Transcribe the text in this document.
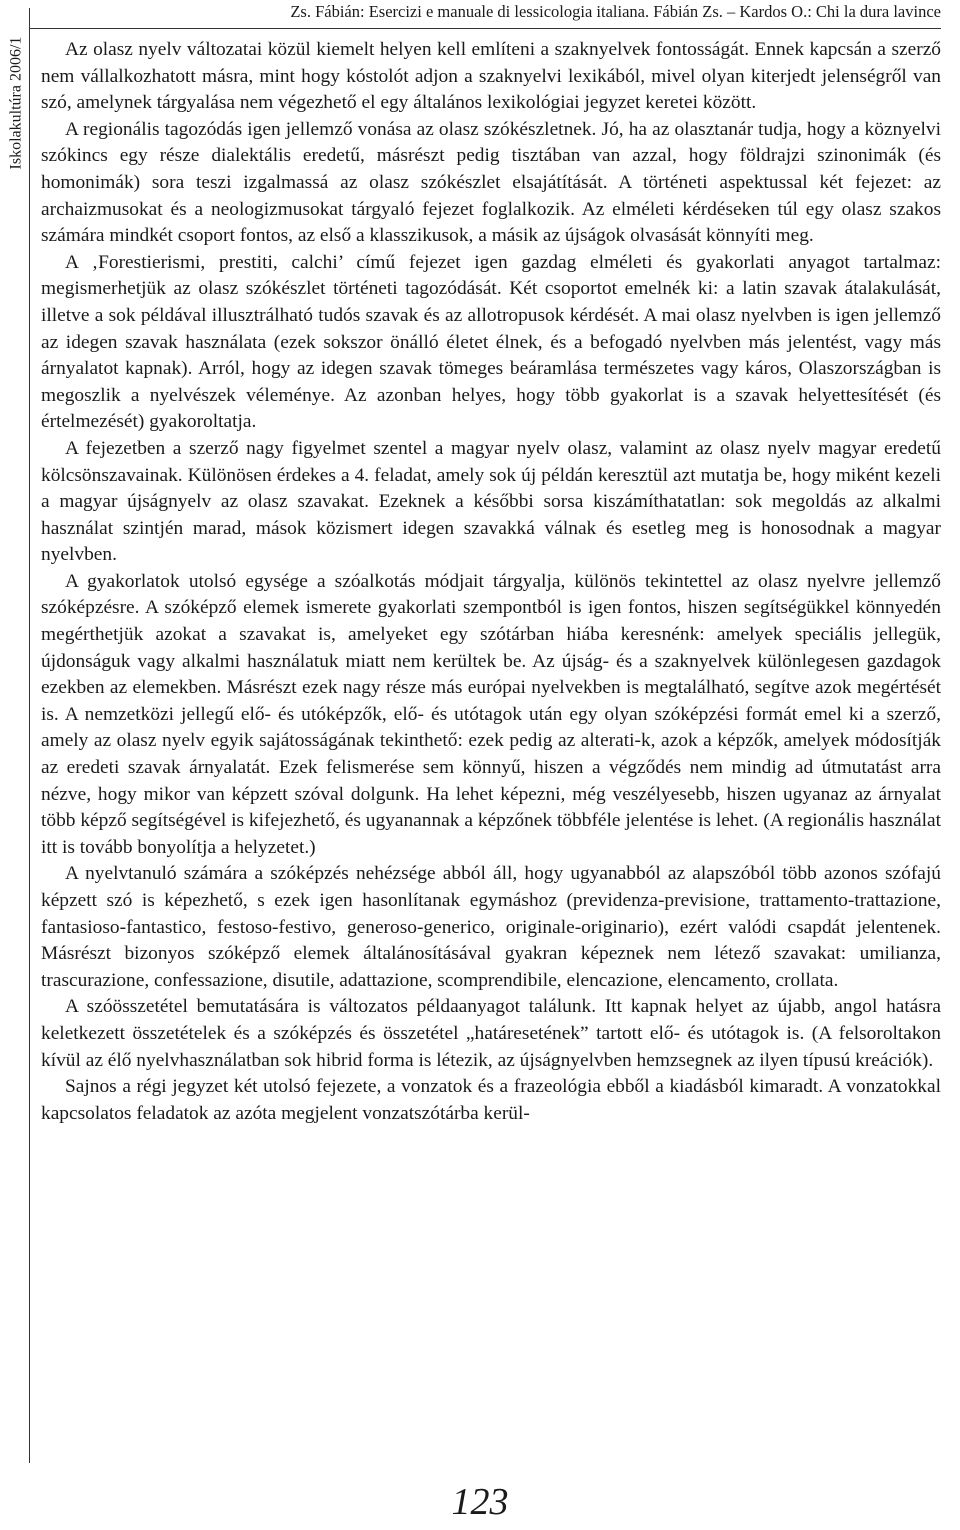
Iskolakultúra 2006/1
Zs. Fábián: Esercizi e manuale di lessicologia italiana. Fábián Zs. – Kardos O.: Chi la dura lavince

Az olasz nyelv változatai közül kiemelt helyen kell említeni a szaknyelvek fontosságát. Ennek kapcsán a szerző nem vállalkozhatott másra, mint hogy kóstolót adjon a szaknyelvi lexikából, mivel olyan kiterjedt jelenségről van szó, amelynek tárgyalása nem végezhető el egy általános lexikológiai jegyzet keretei között.

A regionális tagozódás igen jellemző vonása az olasz szókészletnek. Jó, ha az olasztanár tudja, hogy a köznyelvi szókincs egy része dialektális eredetű, másrészt pedig tisztában van azzal, hogy földrajzi szinonimák (és homonimák) sora teszi izgalmassá az olasz szókészlet elsajátítását. A történeti aspektussal két fejezet: az archaizmusokat és a neologizmusokat tárgyaló fejezet foglalkozik. Az elméleti kérdéseken túl egy olasz szakos számára mindkét csoport fontos, az első a klasszikusok, a másik az újságok olvasását könnyíti meg.

A ‚Forestierismi, prestiti, calchi’ című fejezet igen gazdag elméleti és gyakorlati anyagot tartalmaz: megismerhetjük az olasz szókészlet történeti tagozódását. Két csoportot emelnék ki: a latin szavak átalakulását, illetve a sok példával illusztrálható tudós szavak és az allotropusok kérdését. A mai olasz nyelvben is igen jellemző az idegen szavak használata (ezek sokszor önálló életet élnek, és a befogadó nyelvben más jelentést, vagy más árnyalatot kapnak). Arról, hogy az idegen szavak tömeges beáramlása természetes vagy káros, Olaszországban is megoszlik a nyelvészek véleménye. Az azonban helyes, hogy több gyakorlat is a szavak helyettesítését (és értelmezését) gyakoroltatja.

A fejezetben a szerző nagy figyelmet szentel a magyar nyelv olasz, valamint az olasz nyelv magyar eredetű kölcsönszavainak. Különösen érdekes a 4. feladat, amely sok új példán keresztül azt mutatja be, hogy miként kezeli a magyar újságnyelv az olasz szavakat. Ezeknek a későbbi sorsa kiszámíthatatlan: sok megoldás az alkalmi használat szintjén marad, mások közismert idegen szavakká válnak és esetleg meg is honosodnak a magyar nyelvben.

A gyakorlatok utolsó egysége a szóalkotás módjait tárgyalja, különös tekintettel az olasz nyelvre jellemző szóképzésre. A szóképző elemek ismerete gyakorlati szempontból is igen fontos, hiszen segítségükkel könnyedén megérthetjük azokat a szavakat is, amelyeket egy szótárban hiába keresnénk: amelyek speciális jellegük, újdonságuk vagy alkalmi használatuk miatt nem kerültek be. Az újság- és a szaknyelvek különlegesen gazdagok ezekben az elemekben. Másrészt ezek nagy része más európai nyelvekben is megtalálható, segítve azok megértését is. A nemzetközi jellegű elő- és utóképzők, elő- és utótagok után egy olyan szóképzési formát emel ki a szerző, amely az olasz nyelv egyik sajátosságának tekinthető: ezek pedig az alterati-k, azok a képzők, amelyek módosítják az eredeti szavak árnyalatát. Ezek felismerése sem könnyű, hiszen a végződés nem mindig ad útmutatást arra nézve, hogy mikor van képzett szóval dolgunk. Ha lehet képezni, még veszélyesebb, hiszen ugyanaz az árnyalat több képző segítségével is kifejezhető, és ugyanannak a képzőnek többféle jelentése is lehet. (A regionális használat itt is tovább bonyolítja a helyzetet.)

A nyelvtanuló számára a szóképzés nehézsége abból áll, hogy ugyanabból az alapszóból több azonos szófajú képzett szó is képezhető, s ezek igen hasonlítanak egymáshoz (previdenza-previsione, trattamento-trattazione, fantasioso-fantastico, festoso-festivo, generoso-generico, originale-originario), ezért valódi csapdát jelentenek. Másrészt bizonyos szóképző elemek általánosításával gyakran képeznek nem létező szavakat: umilianza, trascurazione, confessazione, disutile, adattazione, scomprendibile, elencazione, elencamento, crollata.

A szóösszetétel bemutatására is változatos példaanyagot találunk. Itt kapnak helyet az újabb, angol hatásra keletkezett összetételek és a szóképzés és összetétel „határesetének” tartott elő- és utótagok is. (A felsoroltakon kívül az élő nyelvhasználatban sok hibrid forma is létezik, az újságnyelvben hemzsegnek az ilyen típusú kreációk).

Sajnos a régi jegyzet két utolsó fejezete, a vonzatok és a frazeológia ebből a kiadásból kimaradt. A vonzatokkal kapcsolatos feladatok az azóta megjelent vonzatszótárba kerül-

123
